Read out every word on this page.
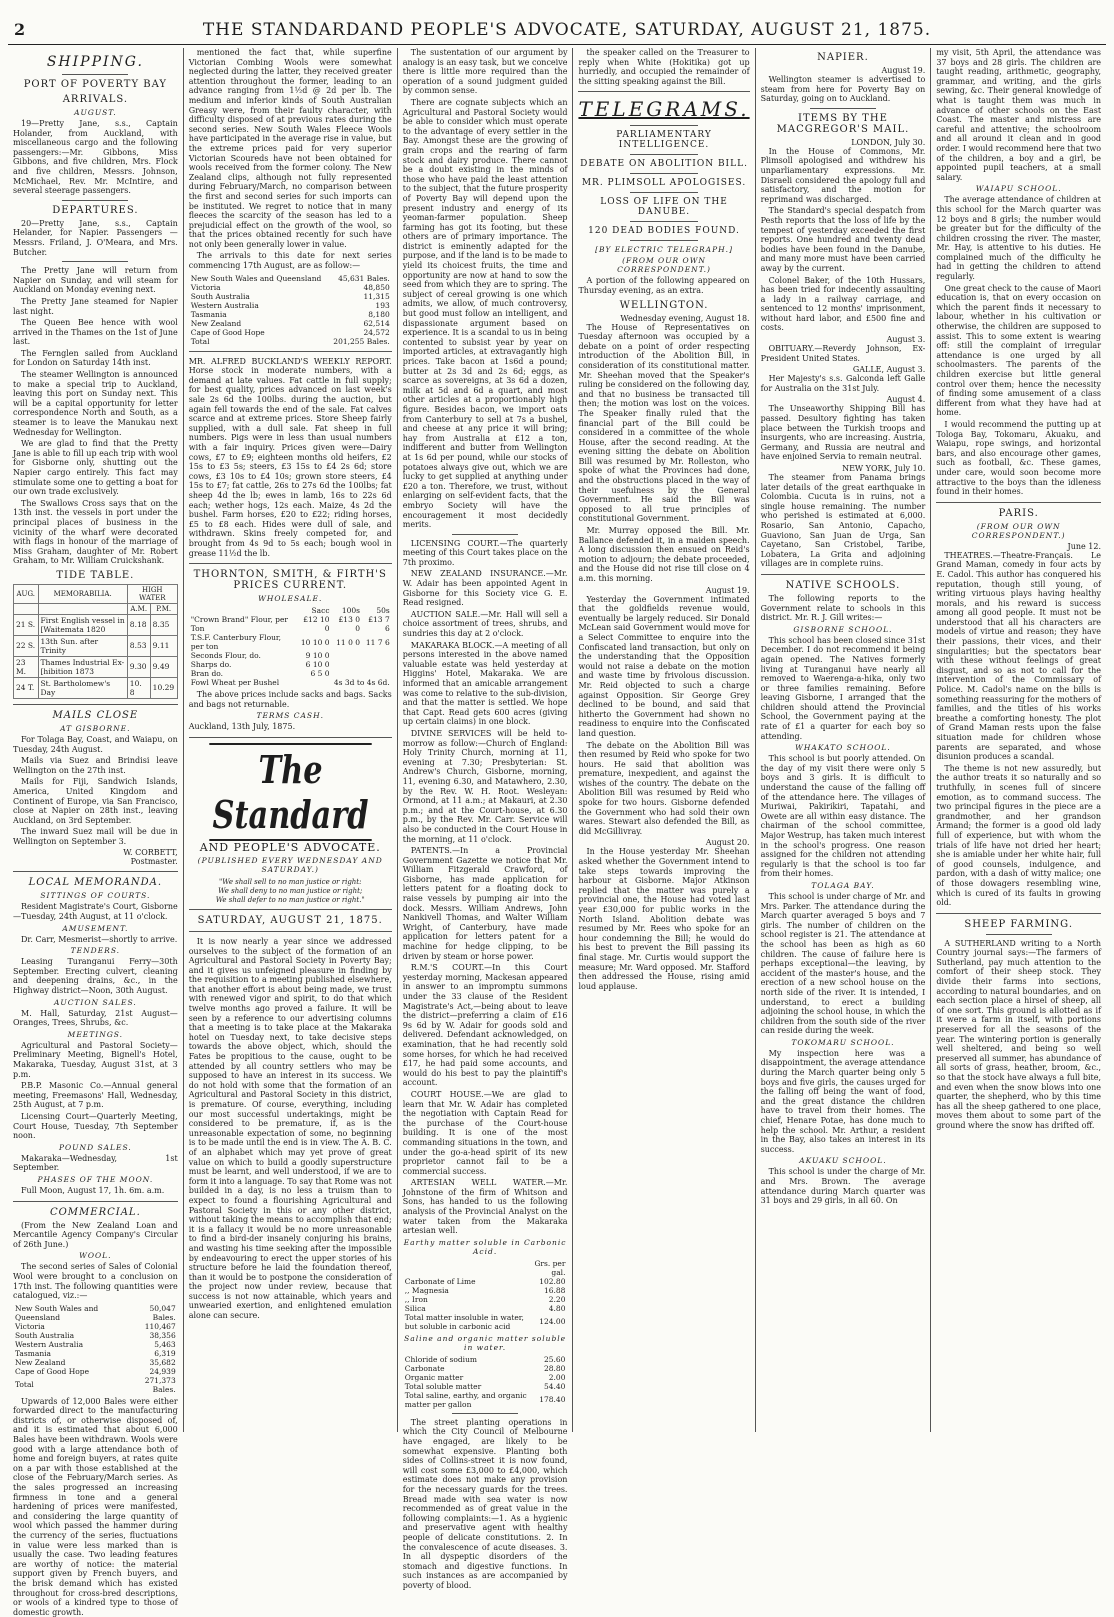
2	THE STANDARDAND PEOPLE'S ADVOCATE, SATURDAY, AUGUST 21, 1875.
SHIPPING.
PORT OF POVERTY BAY
ARRIVALS.
AUGUST.

19—Pretty Jane, s.s., Captain Holander, from Auckland, with miscellaneous cargo and the following passengers:—Mr. Gibbons, Miss Gibbons, and five children, Mrs. Flock and five children, Messrs. Johnson, McMichael, Rev. Mr. McIntire, and several steerage passengers.

DEPARTURES.

20—Pretty Jane, s.s., Captain Helander, for Napier. Passengers — Messrs. Friland, J. O'Meara, and Mrs. Butcher.

The Pretty Jane will return from Napier on Sunday, and will steam for Auckland on Monday evening next.

The Pretty Jane steamed for Napier last night.

The Queen Bee hence with wool arrived in the Thames on the 1st of June last.

The Fernglen sailed from Auckland for London on Saturday 14th inst.

The steamer Wellington is announced to make a special trip to Auckland, leaving this port on Sunday next. This will be a capital opportunity for letter correspondence North and South, as a steamer is to leave the Manukau next Wednesday for Wellington.

We are glad to find that the Pretty Jane is able to fill up each trip with wool for Gisborne only, shutting out the Napier cargo entirely. This fact may stimulate some one to getting a boat for our own trade exclusively.

The Swallows Cross says that on the 13th inst. the vessels in port under the principal places of business in the vicinity of the wharf were decorated with flags in honour of the marriage of Miss Graham, daughter of Mr. Robert Graham, to Mr. William Cruickshank.

TIDE TABLE.
AUG.	MEMORABILIA.	HIGH WATER	
		A.M.	P.M.
21 S.	First English vessel in [Waitemata 1820	8.18	8.35
22 S.	13th Sun. after Trinity	8.53	9.11
23 M.	Thames Industrial Ex- [hibition 1873	9.30	9.49
24 T.	St. Bartholomew's Day	10. 8	10.29
MAILS CLOSE
AT GISBORNE.

For Tolaga Bay, Coast, and Waiapu, on Tuesday, 24th August.

Mails via Suez and Brindisi leave Wellington on the 27th inst.

Mails for Fiji, Sandwich Islands, America, United Kingdom and Continent of Europe, via San Francisco, close at Napier on 28th inst., leaving Auckland, on 3rd September.

The inward Suez mail will be due in Wellington on September 3.

W. CORBETT,
Postmaster.
LOCAL MEMORANDA.
SITTINGS OF COURTS.

Resident Magistrate's Court, Gisborne—Tuesday, 24th August, at 11 o'clock.

AMUSEMENT.

Dr. Carr, Mesmerist—shortly to arrive.

TENDERS.

Leasing Turanganui Ferry—30th September. Erecting culvert, cleaning and deepening drains, &c., in the Highway district—Noon, 30th August.

AUCTION SALES.

M. Hall, Saturday, 21st August—Oranges, Trees, Shrubs, &c.

MEETINGS.

Agricultural and Pastoral Society—Preliminary Meeting, Bignell's Hotel, Makaraka, Tuesday, August 31st, at 3 p.m.

P.B.P. Masonic Co.—Annual general meeting, Freemasons' Hall, Wednesday, 25th August, at 7 p.m.

Licensing Court—Quarterly Meeting, Court House, Tuesday, 7th September noon.

POUND SALES.

Makaraka—Wednesday, 1st September.

PHASES OF THE MOON.

Full Moon, August 17, 1h. 6m. a.m.

COMMERCIAL.

(From the New Zealand Loan and Mercantile Agency Company's Circular of 26th June.)

WOOL.

The second series of Sales of Colonial Wool were brought to a conclusion on 17th inst. The following quantities were catalogued, viz.:—

New South Wales and Queensland	50,047 Bales.
Victoria	110,467
South Australia	38,356
Western Australia	5,463
Tasmania	6,319
New Zealand	35,682
Cape of Good Hope	24,939
Total	271,373 Bales.

Upwards of 12,000 Bales were either forwarded direct to the manufacturing districts of, or otherwise disposed of, and it is estimated that about 6,000 Bales have been withdrawn. Wools were good with a large attendance both of home and foreign buyers, at rates quite on a par with those established at the close of the February/March series. As the sales progressed an increasing firmness in tone and a general hardening of prices were manifested, and considering the large quantity of wool which passed the hammer during the currency of the series, fluctuations in value were less marked than is usually the case. Two leading features are worthy of notice: the material support given by French buyers, and the brisk demand which has existed throughout for cross-bred descriptions, or wools of a kindred type to those of domestic growth.

mentioned the fact that, while superfine Victorian Combing Wools were somewhat neglected during the latter, they received greater attention throughout the former, leading to an advance ranging from 1½d @ 2d per lb. The medium and inferior kinds of South Australian Greasy were, from their faulty character, with difficulty disposed of at previous rates during the second series. New South Wales Fleece Wools have participated in the average rise in value, but the extreme prices paid for very superior Victorian Scoureds have not been obtained for wools received from the former colony. The New Zealand clips, although not fully represented during February/March, no comparison between the first and second series for such imports can be instituted. We regret to notice that in many fleeces the scarcity of the season has led to a prejudicial effect on the growth of the wool, so that the prices obtained recently for such have not only been generally lower in value.

The arrivals to this date for next series commencing 17th August, are as follow:—

New South Wales and Queensland	45,631 Bales.
Victoria	48,850
South Australia	11,315
Western Australia	193
Tasmania	8,180
New Zealand	62,514
Cape of Good Hope	24,572
Total	201,255 Bales.

MR. ALFRED BUCKLAND'S WEEKLY REPORT. Horse stock in moderate numbers, with a demand at late values. Fat cattle in full supply; for best quality, prices advanced on last week's sale 2s 6d the 100lbs. during the auction, but again fell towards the end of the sale. Fat calves scarce and at extreme prices. Store Sheep fairly supplied, with a dull sale. Fat sheep in full numbers. Pigs were in less than usual numbers with a fair inquiry. Prices given were—Dairy cows, £7 to £9; eighteen months old heifers, £2 15s to £3 5s; steers, £3 15s to £4 2s 6d; store cows, £3 10s to £4 10s; grown store steers, £4 15s to £7; fat cattle, 26s to 27s 6d the 100lbs; fat sheep 4d the lb; ewes in lamb, 16s to 22s 6d each; wether hogs, 12s each. Maize, 4s 2d the bushel. Farm horses, £20 to £22; riding horses, £5 to £8 each. Hides were dull of sale, and withdrawn. Skins freely competed for, and brought from 4s 9d to 5s each; bough wool in grease 11½d the lb.

THORNTON, SMITH, & FIRTH'S PRICES CURRENT.
WHOLESALE.
	Sacc	100s	50s
"Crown Brand" Flour, per Ton	£12 10 0	£13 0 0	£13 7 6
T.S.F. Canterbury Flour, per ton	10 10 0	11 0 0	11 7 6
Seconds Flour, do.	9 10 0		
Sharps do.	6 10 0		
Bran do.	6 5 0		
Fowl Wheat per Bushel	4s 3d to 4s 6d.		

The above prices include sacks and bags. Sacks and bags not returnable.

TERMS CASH.

Auckland, 13th July, 1875.

The Standard
AND PEOPLE'S ADVOCATE.
(PUBLISHED EVERY WEDNESDAY AND SATURDAY.)
"We shall sell to no man justice or right:
We shall deny to no man justice or right;
We shall defer to no man justice or right."
SATURDAY, AUGUST 21, 1875.

It is now nearly a year since we addressed ourselves to the subject of the formation of an Agricultural and Pastoral Society in Poverty Bay; and it gives us unfeigned pleasure in finding by the requisition to a meeting published elsewhere, that another effort is about being made, we trust with renewed vigor and spirit, to do that which twelve months ago proved a failure. It will be seen by a reference to our advertising columns that a meeting is to take place at the Makaraka hotel on Tuesday next, to take decisive steps towards the above object, which, should the Fates be propitious to the cause, ought to be attended by all country settlers who may be supposed to have an interest in its success. We do not hold with some that the formation of an Agricultural and Pastoral Society in this district, is premature. Of course, everything, including our most successful undertakings, might be considered to be premature, if, as is the unreasonable expectation of some, no beginning is to be made until the end is in view. The A. B. C. of an alphabet which may yet prove of great value on which to build a goodly superstructure must be learnt, and well understood, if we are to form it into a language. To say that Rome was not builded in a day, is no less a truism than to expect to found a flourishing Agricultural and Pastoral Society in this or any other district, without taking the means to accomplish that end; it is a fallacy it would be no more unreasonable to find a bird-der insanely conjuring his brains, and wasting his time seeking after the impossible by endeavouring to erect the upper stories of his structure before he laid the foundation thereof, than it would be to postpone the consideration of the project now under review, because that success is not now attainable, which years and unwearied exertion, and enlightened emulation alone can secure.

The sustentation of our argument by analogy is an easy task, but we conceive there is little more required than the operation of a sound judgment guided by common sense.

There are cognate subjects which an Agricultural and Pastoral Society would be able to consider which must operate to the advantage of every settler in the Bay. Amongst these are the growing of grain crops and the rearing of farm stock and dairy produce. There cannot be a doubt existing in the minds of those who have paid the least attention to the subject, that the future prosperity of Poverty Bay will depend upon the present industry and energy of its yeoman-farmer population. Sheep farming has got its footing, but these others are of primary importance. The district is eminently adapted for the purpose, and if the land is to be made to yield its choicest fruits, the time and opportunity are now at hand to sow the seed from which they are to spring. The subject of cereal growing is one which admits, we allow, of much controversy, but good must follow an intelligent, and dispassionate argument based on experience. It is a scandal to us in being contented to subsist year by year on imported articles, at extravagantly high prices. Take bacon at 1s6d a pound; butter at 2s 3d and 2s 6d; eggs, as scarce as sovereigns, at 3s 6d a dozen, milk at 5d and 6d a quart, and most other articles at a proportionably high figure. Besides bacon, we import oats from Canterbury to sell at 7s a bushel, and cheese at any price it will bring; hay from Australia at £12 a ton, indifferent and butter from Wellington at 1s 6d per pound, while our stocks of potatoes always give out, which we are lucky to get supplied at anything under £20 a ton. Therefore, we trust, without enlarging on self-evident facts, that the embryo Society will have the encouragement it most decidedly merits.

LICENSING COURT.—The quarterly meeting of this Court takes place on the 7th proximo.

NEW ZEALAND INSURANCE.—Mr. W. Adair has been appointed Agent in Gisborne for this Society vice G. E. Read resigned.

AUCTION SALE.—Mr. Hall will sell a choice assortment of trees, shrubs, and sundries this day at 2 o'clock.

MAKARAKA BLOCK.—A meeting of all persons interested in the above named valuable estate was held yesterday at Higgins' Hotel, Makaraka. We are informed that an amicable arrangement was come to relative to the sub-division, and that the matter is settled. We hope that Capt. Read gets 600 acres (giving up certain claims) in one block.

DIVINE SERVICES will be held to-morrow as follow:—Church of England: Holy Trinity Church, morning at 11, evening at 7.30; Presbyterian: St. Andrew's Church, Gisborne, morning, 11, evening 6.30, and Matawhero, 2.30, by the Rev. W. H. Root. Wesleyan: Ormond, at 11 a.m.; at Makauri, at 2.30 p.m.; and at the Court-house, at 6.30 p.m., by the Rev. Mr. Carr. Service will also be conducted in the Court House in the morning, at 11 o'clock.

PATENTS.—In a Provincial Government Gazette we notice that Mr. William Fitzgerald Crawford, of Gisborne, has made application for letters patent for a floating dock to raise vessels by pumping air into the dock. Messrs. William Andrews, John Nankivell Thomas, and Walter William Wright, of Canterbury, have made application for letters patent for a machine for hedge clipping, to be driven by steam or horse power.

R.M.'S COURT.—In this Court yesterday morning, Mackesan appeared in answer to an impromptu summons under the 33 clause of the Resident Magistrate's Act,—being about to leave the district—preferring a claim of £16 9s 6d by W. Adair for goods sold and delivered. Defendant acknowledged, on examination, that he had recently sold some horses, for which he had received £17, he had paid some accounts, and would do his best to pay the plaintiff's account.

COURT HOUSE.—We are glad to learn that Mr. W. Adair has completed the negotiation with Captain Read for the purchase of the Court-house building. It is one of the most commanding situations in the town, and under the go-a-head spirit of its new proprietor cannot fail to be a commercial success.

ARTESIAN WELL WATER.—Mr. Johnstone of the firm of Whitson and Sons, has handed to us the following analysis of the Provincial Analyst on the water taken from the Makaraka artesian well.

Earthy matter soluble in Carbonic Acid.
	Grs. per gal.
Carbonate of Lime	102.80
,, Magnesia	16.88
,, Iron	2.20
Silica	4.80
Total matter insoluble in water, but soluble in carbonic acid	124.00
Saline and organic matter soluble in water.
Chloride of sodium	25.60
Carbonate	28.80
Organic matter	2.00
Total soluble matter	54.40
Total saline, earthy, and organic matter per gallon	178.40

The street planting operations in which the City Council of Melbourne have engaged, are likely to be somewhat expensive. Planting both sides of Collins-street it is now found, will cost some £3,000 to £4,000, which estimate does not make any provision for the necessary guards for the trees. Bread made with sea water is now recommended as of great value in the following complaints:—1. As a hygienic and preservative agent with healthy people of delicate constitutions. 2. In the convalescence of acute diseases. 3. In all dyspeptic disorders of the stomach and digestive functions. In such instances as are accompanied by poverty of blood.

the speaker called on the Treasurer to reply when White (Hokitika) got up hurriedly, and occupied the remainder of the sitting speaking against the Bill.

TELEGRAMS.
PARLIAMENTARY INTELLIGENCE.
DEBATE ON ABOLITION BILL.
MR. PLIMSOLL APOLOGISES.
LOSS OF LIFE ON THE DANUBE.
120 DEAD BODIES FOUND.
[BY ELECTRIC TELEGRAPH.]
(FROM OUR OWN CORRESPONDENT.)

A portion of the following appeared on Thursday evening, as an extra.

WELLINGTON.
Wednesday evening, August 18.

The House of Representatives on Tuesday afternoon was occupied by a debate on a point of order respecting introduction of the Abolition Bill, in consideration of its constitutional matter. Mr. Sheehan moved that the Speaker's ruling be considered on the following day, and that no business be transacted till then; the motion was lost on the voices. The Speaker finally ruled that the financial part of the Bill could be considered in a committee of the whole House, after the second reading. At the evening sitting the debate on Abolition Bill was resumed by Mr. Rolleston, who spoke of what the Provinces had done, and the obstructions placed in the way of their usefulness by the General Government. He said the Bill was opposed to all true principles of constitutional Government.

Mr. Murray opposed the Bill. Mr. Ballance defended it, in a maiden speech. A long discussion then ensued on Reid's motion to adjourn; the debate proceeded, and the House did not rise till close on 4 a.m. this morning.

August 19.

Yesterday the Government intimated that the goldfields revenue would, eventually be largely reduced. Sir Donald McLean said Government would move for a Select Committee to enquire into the Confiscated land transaction, but only on the understanding that the Opposition would not raise a debate on the motion and waste time by frivolous discussion. Mr. Reid objected to such a charge against Opposition. Sir George Grey declined to be bound, and said that hitherto the Government had shown no readiness to enquire into the Confiscated land question.

The debate on the Abolition Bill was then resumed by Reid who spoke for two hours. He said that abolition was premature, inexpedient, and against the wishes of the country. The debate on the Abolition Bill was resumed by Reid who spoke for two hours. Gisborne defended the Government who had sold their own wares. Stewart also defended the Bill, as did McGillivray.

August 20.

In the House yesterday Mr. Sheehan asked whether the Government intend to take steps towards improving the harbour at Gisborne. Major Atkinson replied that the matter was purely a provincial one, the House had voted last year £30,000 for public works in the North Island. Abolition debate was resumed by Mr. Rees who spoke for an hour condemning the Bill; he would do his best to prevent the Bill passing its final stage. Mr. Curtis would support the measure; Mr. Ward opposed. Mr. Stafford then addressed the House, rising amid loud applause.

NAPIER.
August 19.

Wellington steamer is advertised to steam from here for Poverty Bay on Saturday, going on to Auckland.

ITEMS BY THE MACGREGOR'S MAIL.
LONDON, July 30.

In the House of Commons, Mr. Plimsoll apologised and withdrew his unparliamentary expressions. Mr. Disraeli considered the apology full and satisfactory, and the motion for reprimand was discharged.

The Standard's special despatch from Pesth reports that the loss of life by the tempest of yesterday exceeded the first reports. One hundred and twenty dead bodies have been found in the Danube, and many more must have been carried away by the current.

Colonel Baker, of the 10th Hussars, has been tried for indecently assaulting a lady in a railway carriage, and sentenced to 12 months' imprisonment, without hard labor, and £500 fine and costs.

August 3.

OBITUARY.—Reverdy Johnson, Ex-President United States.

GALLE, August 3.

Her Majesty's s.s. Galconda left Galle for Australia on the 31st July.

August 4.

The Unseaworthy Shipping Bill has passed. Desultory fighting has taken place between the Turkish troops and insurgents, who are increasing. Austria, Germany, and Russia are neutral and have enjoined Servia to remain neutral.

NEW YORK, July 10.

The steamer from Panama brings later details of the great earthquake in Colombia. Cucuta is in ruins, not a single house remaining. The number who perished is estimated at 6,000. Rosario, San Antonio, Capacho, Guaviono, San Juan de Urga, San Cayetano, San Cristobel, Taribe, Lobatera, La Grita and adjoining villages are in complete ruins.

NATIVE SCHOOLS.

The following reports to the Government relate to schools in this district. Mr. R. J. Gill writes:—

GISBORNE SCHOOL.

This school has been closed since 31st December. I do not recommend it being again opened. The Natives formerly living at Turanganui have nearly all removed to Waerenga-a-hika, only two or three families remaining. Before leaving Gisborne, I arranged that the children should attend the Provincial School, the Government paying at the rate of £1 a quarter for each boy so attending.

WHAKATO SCHOOL.

This school is but poorly attended. On the day of my visit there were only 5 boys and 3 girls. It is difficult to understand the cause of the falling off of the attendance here. The villages of Muriwai, Pakirikiri, Tapatahi, and Owete are all within easy distance. The chairman of the school committee, Major Westrup, has taken much interest in the school's progress. One reason assigned for the children not attending regularly is that the school is too far from their homes.

TOLAGA BAY.

This school is under charge of Mr. and Mrs. Parker. The attendance during the March quarter averaged 5 boys and 7 girls. The number of children on the school register is 21. The attendance at the school has been as high as 60 children. The cause of failure here is perhaps exceptional—the leaving, by accident of the master's house, and the erection of a new school house on the north side of the river. It is intended, I understand, to erect a building adjoining the school house, in which the children from the south side of the river can reside during the week.

TOKOMARU SCHOOL.

My inspection here was a disappointment, the average attendance during the March quarter being only 5 boys and five girls, the causes urged for the falling off being the want of food, and the great distance the children have to travel from their homes. The chief, Henare Potae, has done much to help the school. Mr. Arthur, a resident in the Bay, also takes an interest in its success.

AKUAKU SCHOOL.

This school is under the charge of Mr. and Mrs. Brown. The average attendance during March quarter was 31 boys and 29 girls, in all 60. On

my visit, 5th April, the attendance was 37 boys and 28 girls. The children are taught reading, arithmetic, geography, grammar, and writing, and the girls sewing, &c. Their general knowledge of what is taught them was much in advance of other schools on the East Coast. The master and mistress are careful and attentive; the schoolroom and all around it clean and in good order. I would recommend here that two of the children, a boy and a girl, be appointed pupil teachers, at a small salary.

WAIAPU SCHOOL.

The average attendance of children at this school for the March quarter was 12 boys and 8 girls; the number would be greater but for the difficulty of the children crossing the river. The master, Mr. Hay, is attentive to his duties. He complained much of the difficulty he had in getting the children to attend regularly.

One great check to the cause of Maori education is, that on every occasion on which the parent finds it necessary to labour, whether in his cultivation or otherwise, the children are supposed to assist. This to some extent is wearing off: still the complaint of irregular attendance is one urged by all schoolmasters. The parents of the children exercise but little general control over them; hence the necessity of finding some amusement of a class different from what they have had at home.

I would recommend the putting up at Tologa Bay, Tokomaru, Akuaku, and Waiapu, rope swings, and horizontal bars, and also encourage other games, such as football, &c. These games, under care, would soon become more attractive to the boys than the idleness found in their homes.

PARIS.
(FROM OUR OWN CORRESPONDENT.)
June 12.

THEATRES.—Theatre-Français. Le Grand Maman, comedy in four acts by E. Cadol. This author has conquered his reputation, though still young, of writing virtuous plays having healthy morals, and his reward is success among all good people. It must not be understood that all his characters are models of virtue and reason; they have their passions, their vices, and their singularities; but the spectators bear with these without feelings of great disgust, and so as not to call for the intervention of the Commissary of Police. M. Cadol's name on the bills is something reassuring for the mothers of families, and the titles of his works breathe a comforting honesty. The plot of Grand Maman rests upon the false situation made for children whose parents are separated, and whose disunion produces a scandal.

The theme is not new assuredly, but the author treats it so naturally and so truthfully, in scenes full of sincere emotion, as to command success. The two principal figures in the piece are a grandmother, and her grandson Armand; the former is a good old lady full of experience, but with whom the trials of life have not dried her heart; she is amiable under her white hair, full of good counsels, indulgence, and pardon, with a dash of witty malice; one of those dowagers resembling wine, which is cured of its faults in growing old.

SHEEP FARMING.

A SUTHERLAND writing to a North Country journal says:—The farmers of Sutherland, pay much attention to the comfort of their sheep stock. They divide their farms into sections, according to natural boundaries, and on each section place a hirsel of sheep, all of one sort. This ground is allotted as if it were a farm in itself, with portions preserved for all the seasons of the year. The wintering portion is generally well sheltered, and being so well preserved all summer, has abundance of all sorts of grass, heather, broom, &c., so that the stock have always a full bite, and even when the snow blows into one quarter, the shepherd, who by this time has all the sheep gathered to one place, moves them about to some part of the ground where the snow has drifted off.
